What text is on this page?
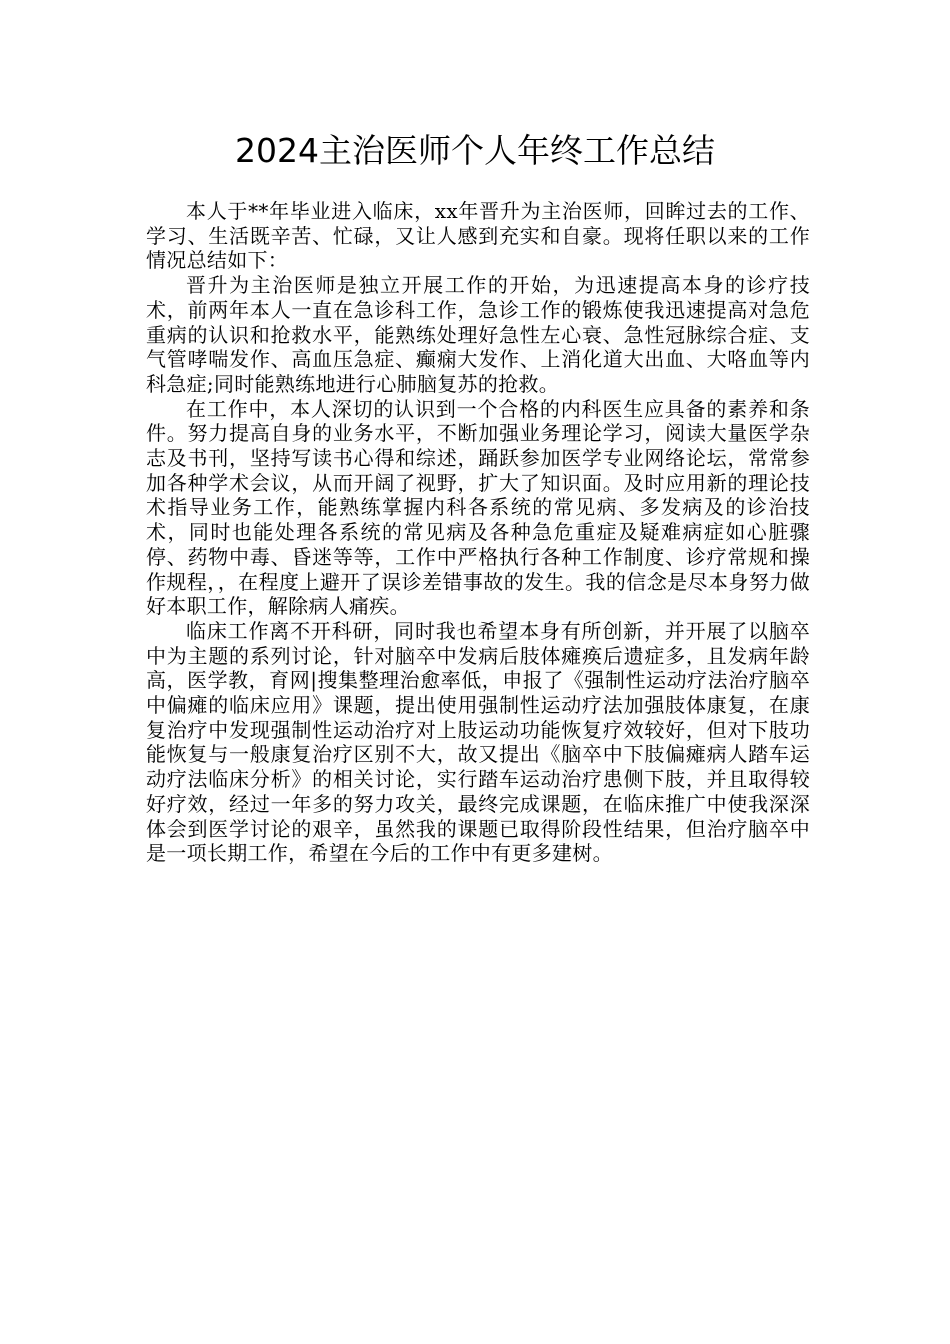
2024主治医师个人年终工作总结

本人于**年毕业进入临床，xx年晋升为主治医师，回眸过去的工作、学习、生活既辛苦、忙碌，又让人感到充实和自豪。现将任职以来的工作情况总结如下：

晋升为主治医师是独立开展工作的开始，为迅速提高本身的诊疗技术，前两年本人一直在急诊科工作，急诊工作的锻炼使我迅速提高对急危重病的认识和抢救水平，能熟练处理好急性左心衰、急性冠脉综合症、支气管哮喘发作、高血压急症、癫痫大发作、上消化道大出血、大咯血等内科急症;同时能熟练地进行心肺脑复苏的抢救。

在工作中，本人深切的认识到一个合格的内科医生应具备的素养和条件。努力提高自身的业务水平，不断加强业务理论学习，阅读大量医学杂志及书刊，坚持写读书心得和综述，踊跃参加医学专业网络论坛，常常参加各种学术会议，从而开阔了视野，扩大了知识面。及时应用新的理论技术指导业务工作，能熟练掌握内科各系统的常见病、多发病及的诊治技术，同时也能处理各系统的常见病及各种急危重症及疑难病症如心脏骤停、药物中毒、昏迷等等，工作中严格执行各种工作制度、诊疗常规和操作规程，，在程度上避开了误诊差错事故的发生。我的信念是尽本身努力做好本职工作，解除病人痛疾。

临床工作离不开科研，同时我也希望本身有所创新，并开展了以脑卒中为主题的系列讨论，针对脑卒中发病后肢体瘫痪后遗症多，且发病年龄高，医学教，育网|搜集整理治愈率低，申报了《强制性运动疗法治疗脑卒中偏瘫的临床应用》课题，提出使用强制性运动疗法加强肢体康复，在康复治疗中发现强制性运动治疗对上肢运动功能恢复疗效较好，但对下肢功能恢复与一般康复治疗区别不大，故又提出《脑卒中下肢偏瘫病人踏车运动疗法临床分析》的相关讨论，实行踏车运动治疗患侧下肢，并且取得较好疗效，经过一年多的努力攻关，最终完成课题，在临床推广中使我深深体会到医学讨论的艰辛，虽然我的课题已取得阶段性结果，但治疗脑卒中是一项长期工作，希望在今后的工作中有更多建树。
